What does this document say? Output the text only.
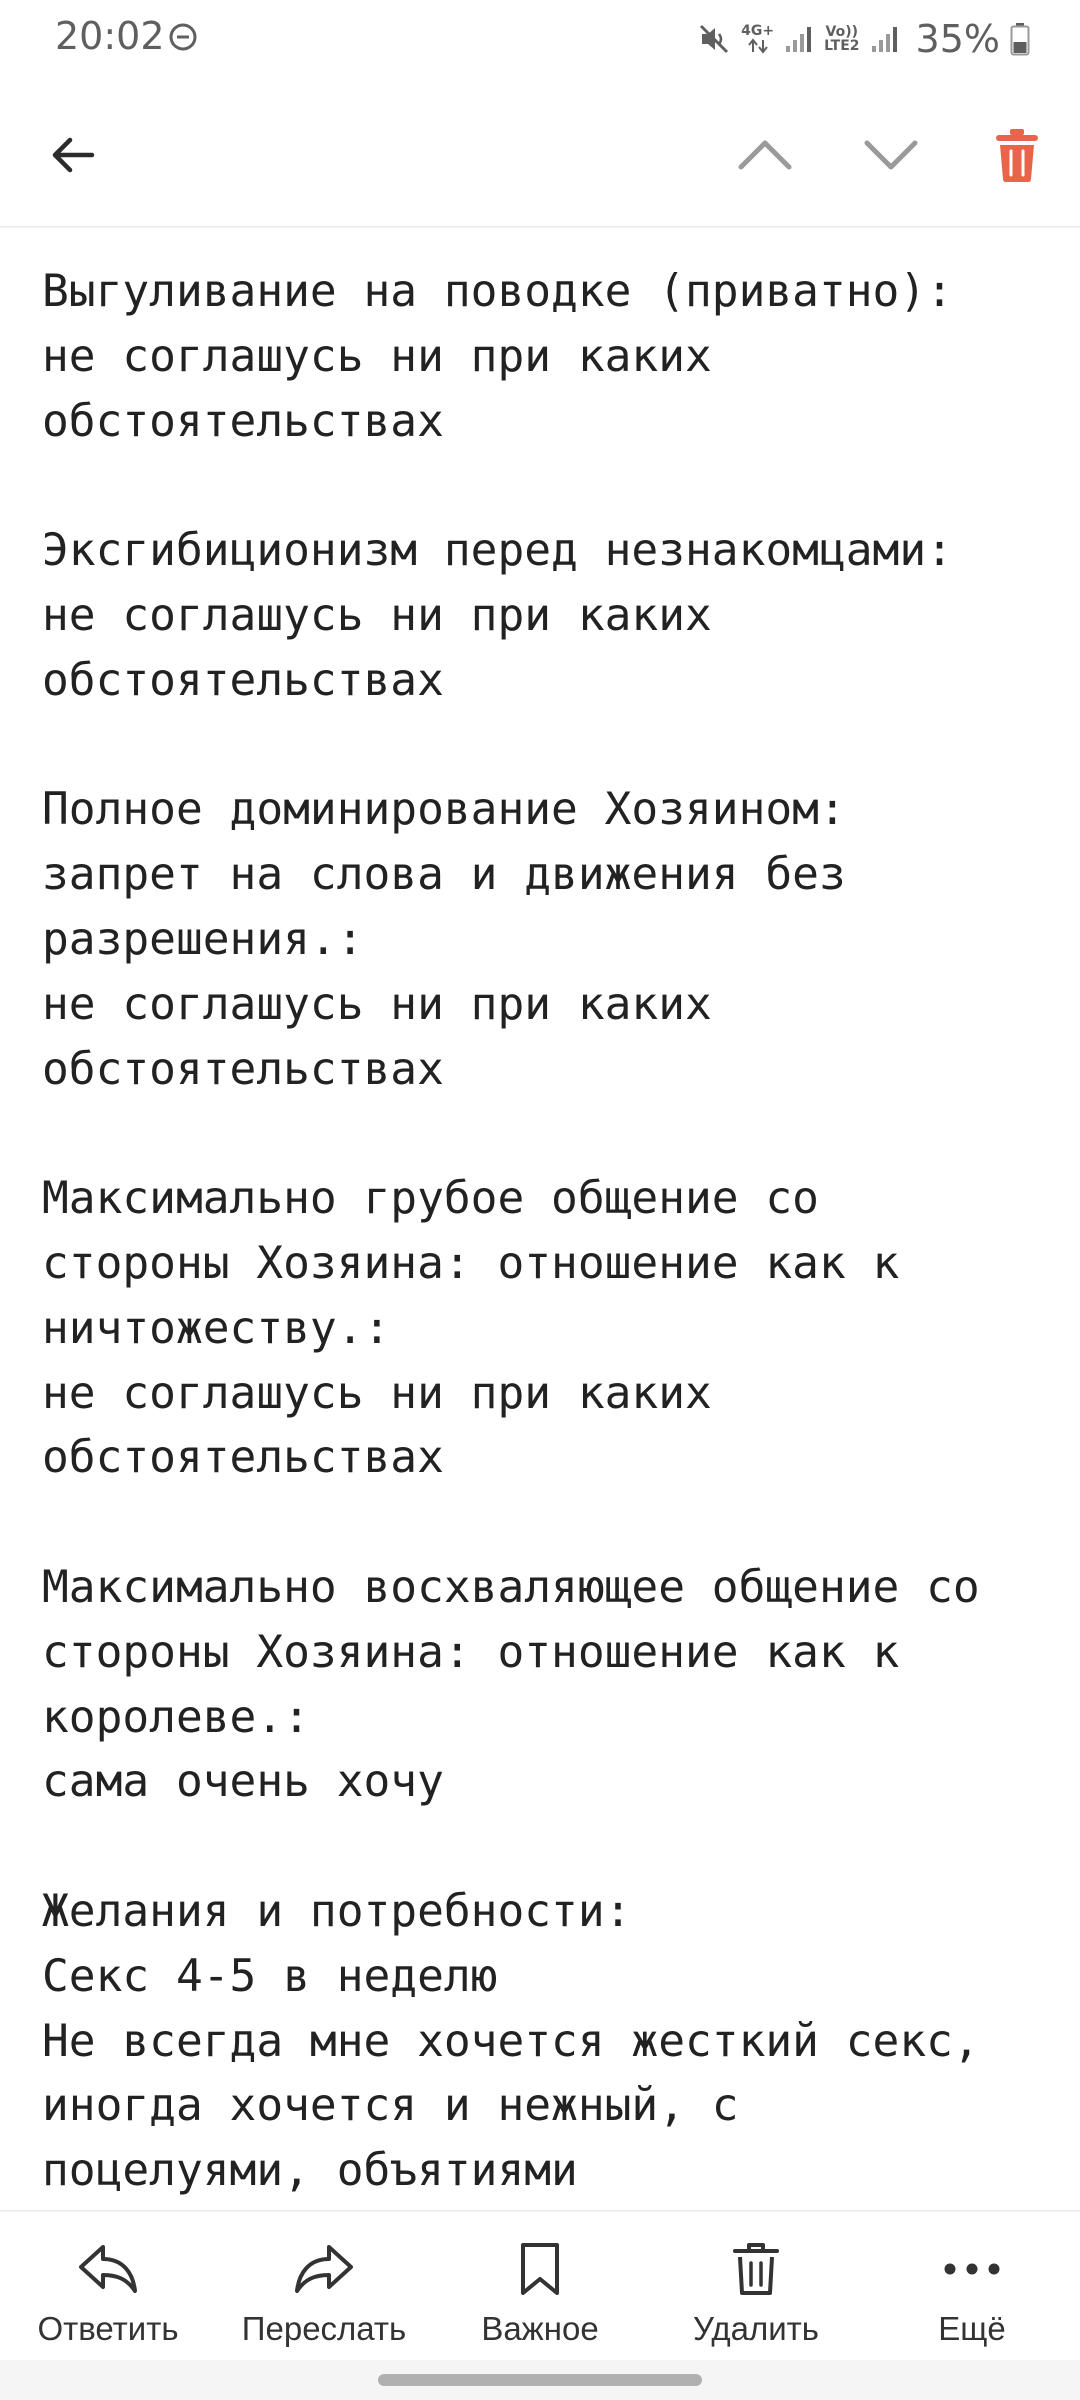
20:02	4G+	Vo))
LTE2 35%

Выгуливание на поводке (приватно):
не соглашусь ни при каких
обстоятельствах

Эксгибиционизм перед незнакомцами:
не соглашусь ни при каких
обстоятельствах

Полное доминирование Хозяином:
запрет на слова и движения без
разрешения.:
не соглашусь ни при каких
обстоятельствах

Максимально грубое общение со
стороны Хозяина: отношение как к
ничтожеству.:
не соглашусь ни при каких
обстоятельствах

Максимально восхваляющее общение со
стороны Хозяина: отношение как к
королеве.:
сама очень хочу

Желания и потребности:
Секс 4-5 в неделю
Не всегда мне хочется жесткий секс,
иногда хочется и нежный, с
поцелуями, объятиями

Ответить	Переслать	Важное	Удалить	Ещё
